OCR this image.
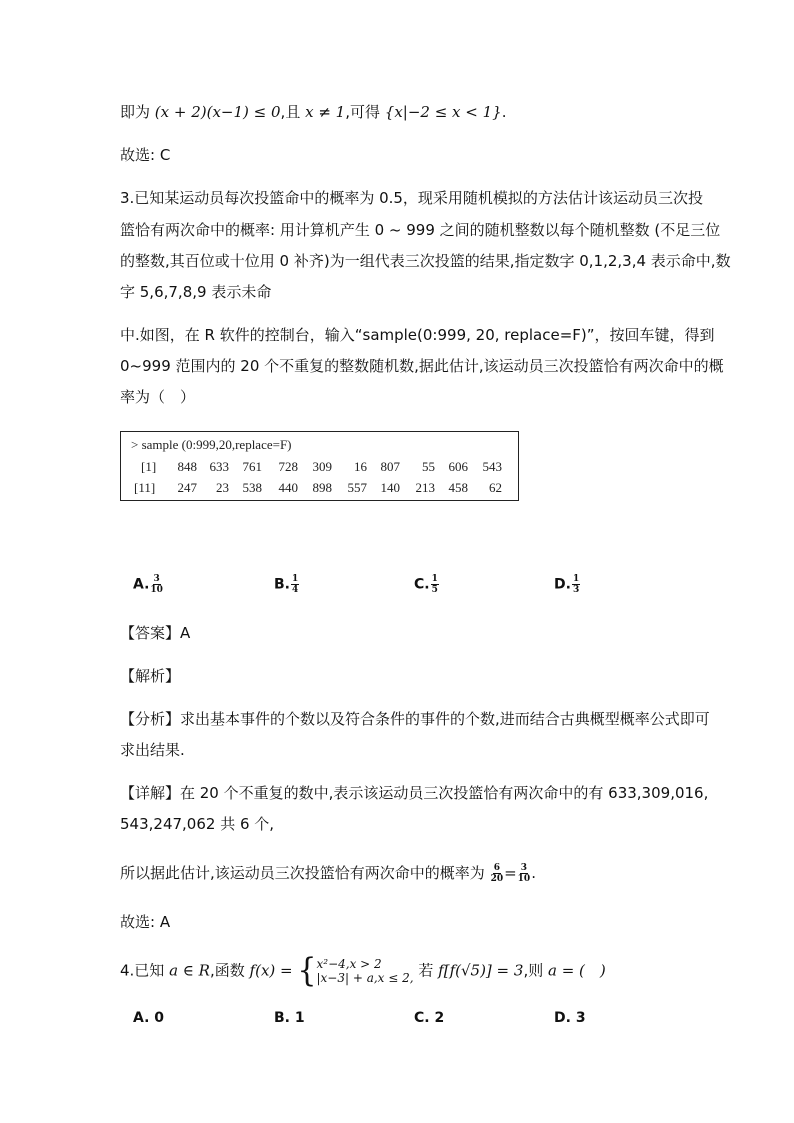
即为 (x + 2)(x−1) ≤ 0,且 x ≠ 1,可得 {x|−2 ≤ x < 1}.
故选: C
3.已知某运动员每次投篮命中的概率为 0.5，现采用随机模拟的方法估计该运动员三次投
篮恰有两次命中的概率: 用计算机产生 0 ~ 999 之间的随机整数以每个随机整数 (不足三位
的整数,其百位或十位用 0 补齐)为一组代表三次投篮的结果,指定数字 0,1,2,3,4 表示命中,数
字 5,6,7,8,9 表示未命
中.如图，在 R 软件的控制台，输入“sample(0:999, 20, replace=F)”，按回车键，得到
0~999 范围内的 20 个不重复的整数随机数,据此估计,该运动员三次投篮恰有两次命中的概
率为（　）
> sample (0:999,20,replace=F)
[1]	848 633	761	728	309	16	807	55	606	543
[11]	247	23	538	440	898	557	140	213	458	62
A. $\frac{3}{10}$	B. $\frac{1}{4}$	C. $\frac{1}{5}$	D. $\frac{1}{3}$
【答案】A
【解析】
【分析】求出基本事件的个数以及符合条件的事件的个数,进而结合古典概型概率公式即可
求出结果.
【详解】在 20 个不重复的数中,表示该运动员三次投篮恰有两次命中的有 633,309,016,
543,247,062 共 6 个,
所以据此估计,该运动员三次投篮恰有两次命中的概率为 $\frac{6}{20} = \frac{3}{10}$ .
故选: A
4.已知 a ∈ R,函数 f(x) = { x²−4,x > 2
|x−3| + a,x ≤ 2, 若 f[f(√5)] = 3,则 a = (　)
A. 0	B. 1	C. 2	D. 3
